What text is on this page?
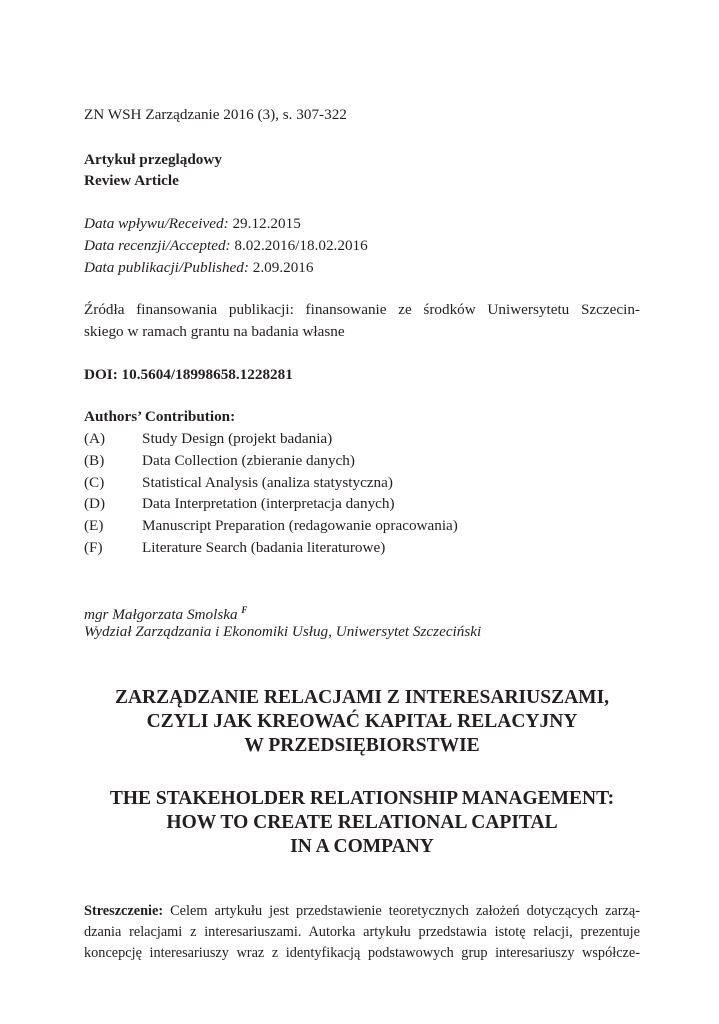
ZN WSH Zarządzanie 2016 (3), s. 307-322
Artykuł przeglądowy
Review Article
Data wpływu/Received: 29.12.2015
Data recenzji/Accepted: 8.02.2016/18.02.2016
Data publikacji/Published: 2.09.2016
Źródła finansowania publikacji: finansowanie ze środków Uniwersytetu Szczecin-
skiego w ramach grantu na badania własne
DOI: 10.5604/18998658.1228281
Authors’ Contribution:
(A) Study Design (projekt badania)
(B) Data Collection (zbieranie danych)
(C) Statistical Analysis (analiza statystyczna)
(D) Data Interpretation (interpretacja danych)
(E)	Manuscript Preparation (redagowanie opracowania)
(F)	Literature Search (badania literaturowe)
mgr Małgorzata Smolska $^F$
Wydział Zarządzania i Ekonomiki Usług, Uniwersytet Szczeciński
ZARZĄDZANIE RELACJAMI Z INTERESARIUSZAMI,
CZYLI JAK KREOWAĆ KAPITAŁ RELACYJNY
W PRZEDSIĘBIORSTWIE
THE STAKEHOLDER RELATIONSHIP MANAGEMENT:
HOW TO CREATE RELATIONAL CAPITAL
IN A COMPANY
Streszczenie: Celem artykułu jest przedstawienie teoretycznych założeń dotyczących zarzą-
dzania relacjami z interesariuszami. Autorka artykułu przedstawia istotę relacji, prezentuje
koncepcję interesariuszy wraz z identyfikacją podstawowych grup interesariuszy współcze-
